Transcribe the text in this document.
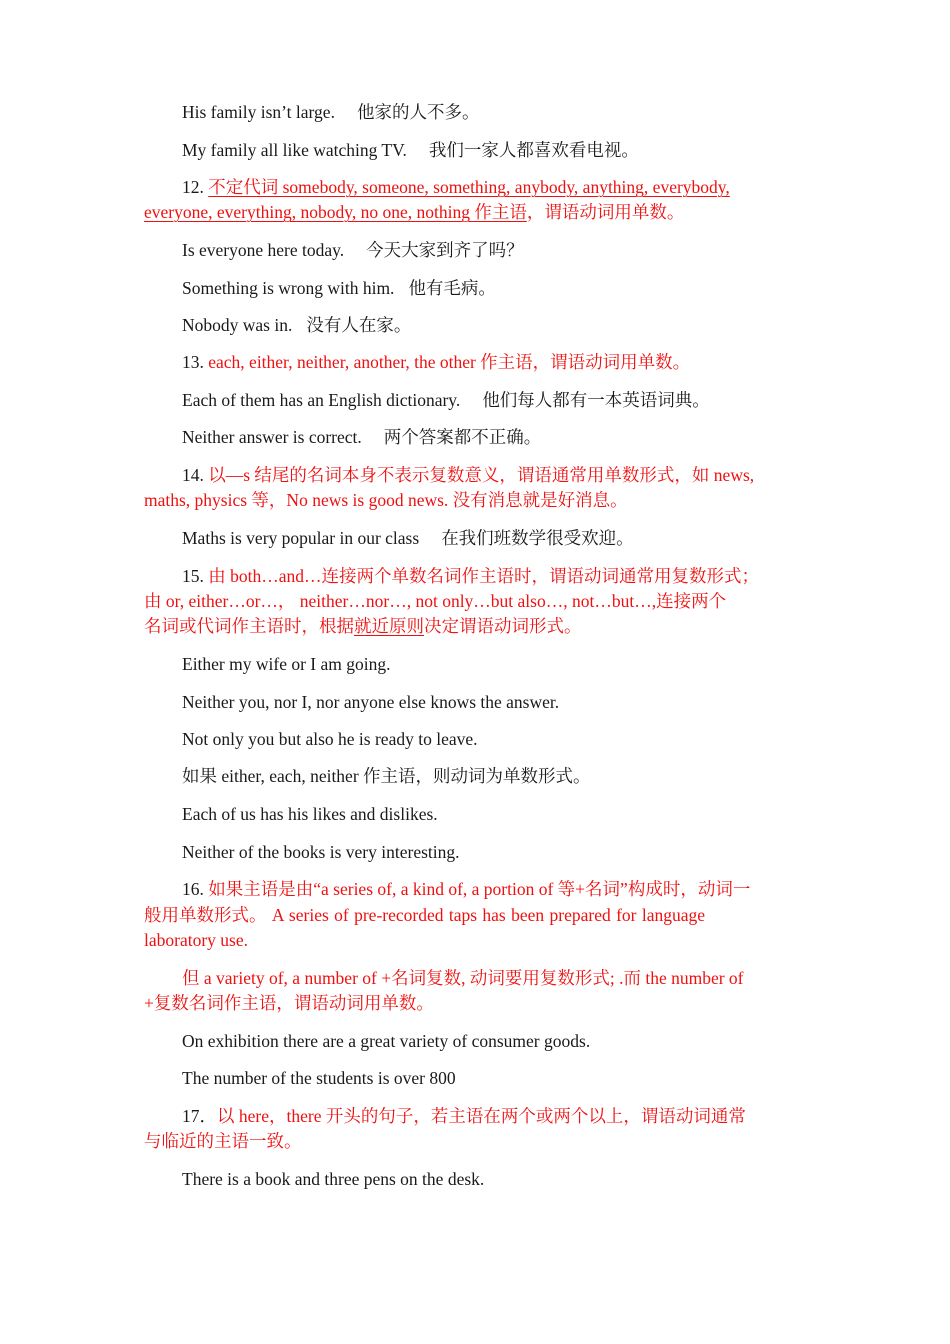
His family isn’t large. 他家的人不多。
My family all like watching TV. 我们一家人都喜欢看电视。
12. 不定代词 somebody, someone, something, anybody, anything, everybody,
everyone, everything, nobody, no one, nothing 作主语，谓语动词用单数。
Is everyone here today. 今天大家到齐了吗？
Something is wrong with him. 他有毛病。
Nobody was in. 没有人在家。
13. each, either, neither, another, the other 作主语，谓语动词用单数。
Each of them has an English dictionary. 他们每人都有一本英语词典。
Neither answer is correct. 两个答案都不正确。
14. 以—s 结尾的名词本身不表示复数意义，谓语通常用单数形式，如 news,
maths, physics 等，No news is good news. 没有消息就是好消息。
Maths is very popular in our class 在我们班数学很受欢迎。
15. 由 both…and…连接两个单数名词作主语时，谓语动词通常用复数形式；
由 or, either…or…， neither…nor…, not only…but also…, not…but…,连接两个
名词或代词作主语时，根据就近原则决定谓语动词形式。
Either my wife or I am going.
Neither you, nor I, nor anyone else knows the answer.
Not only you but also he is ready to leave.
如果 either, each, neither 作主语，则动词为单数形式。
Each of us has his likes and dislikes.
Neither of the books is very interesting.
16. 如果主语是由“a series of, a kind of, a portion of 等+名词”构成时，动词一
般用单数形式。 A series of pre-recorded taps has been prepared for language
laboratory use.
但 a variety of, a number of +名词复数, 动词要用复数形式; .而 the number of
+复数名词作主语，谓语动词用单数。
On exhibition there are a great variety of consumer goods.
The number of the students is over 800
17．以 here，there 开头的句子，若主语在两个或两个以上，谓语动词通常
与临近的主语一致。
There is a book and three pens on the desk.
